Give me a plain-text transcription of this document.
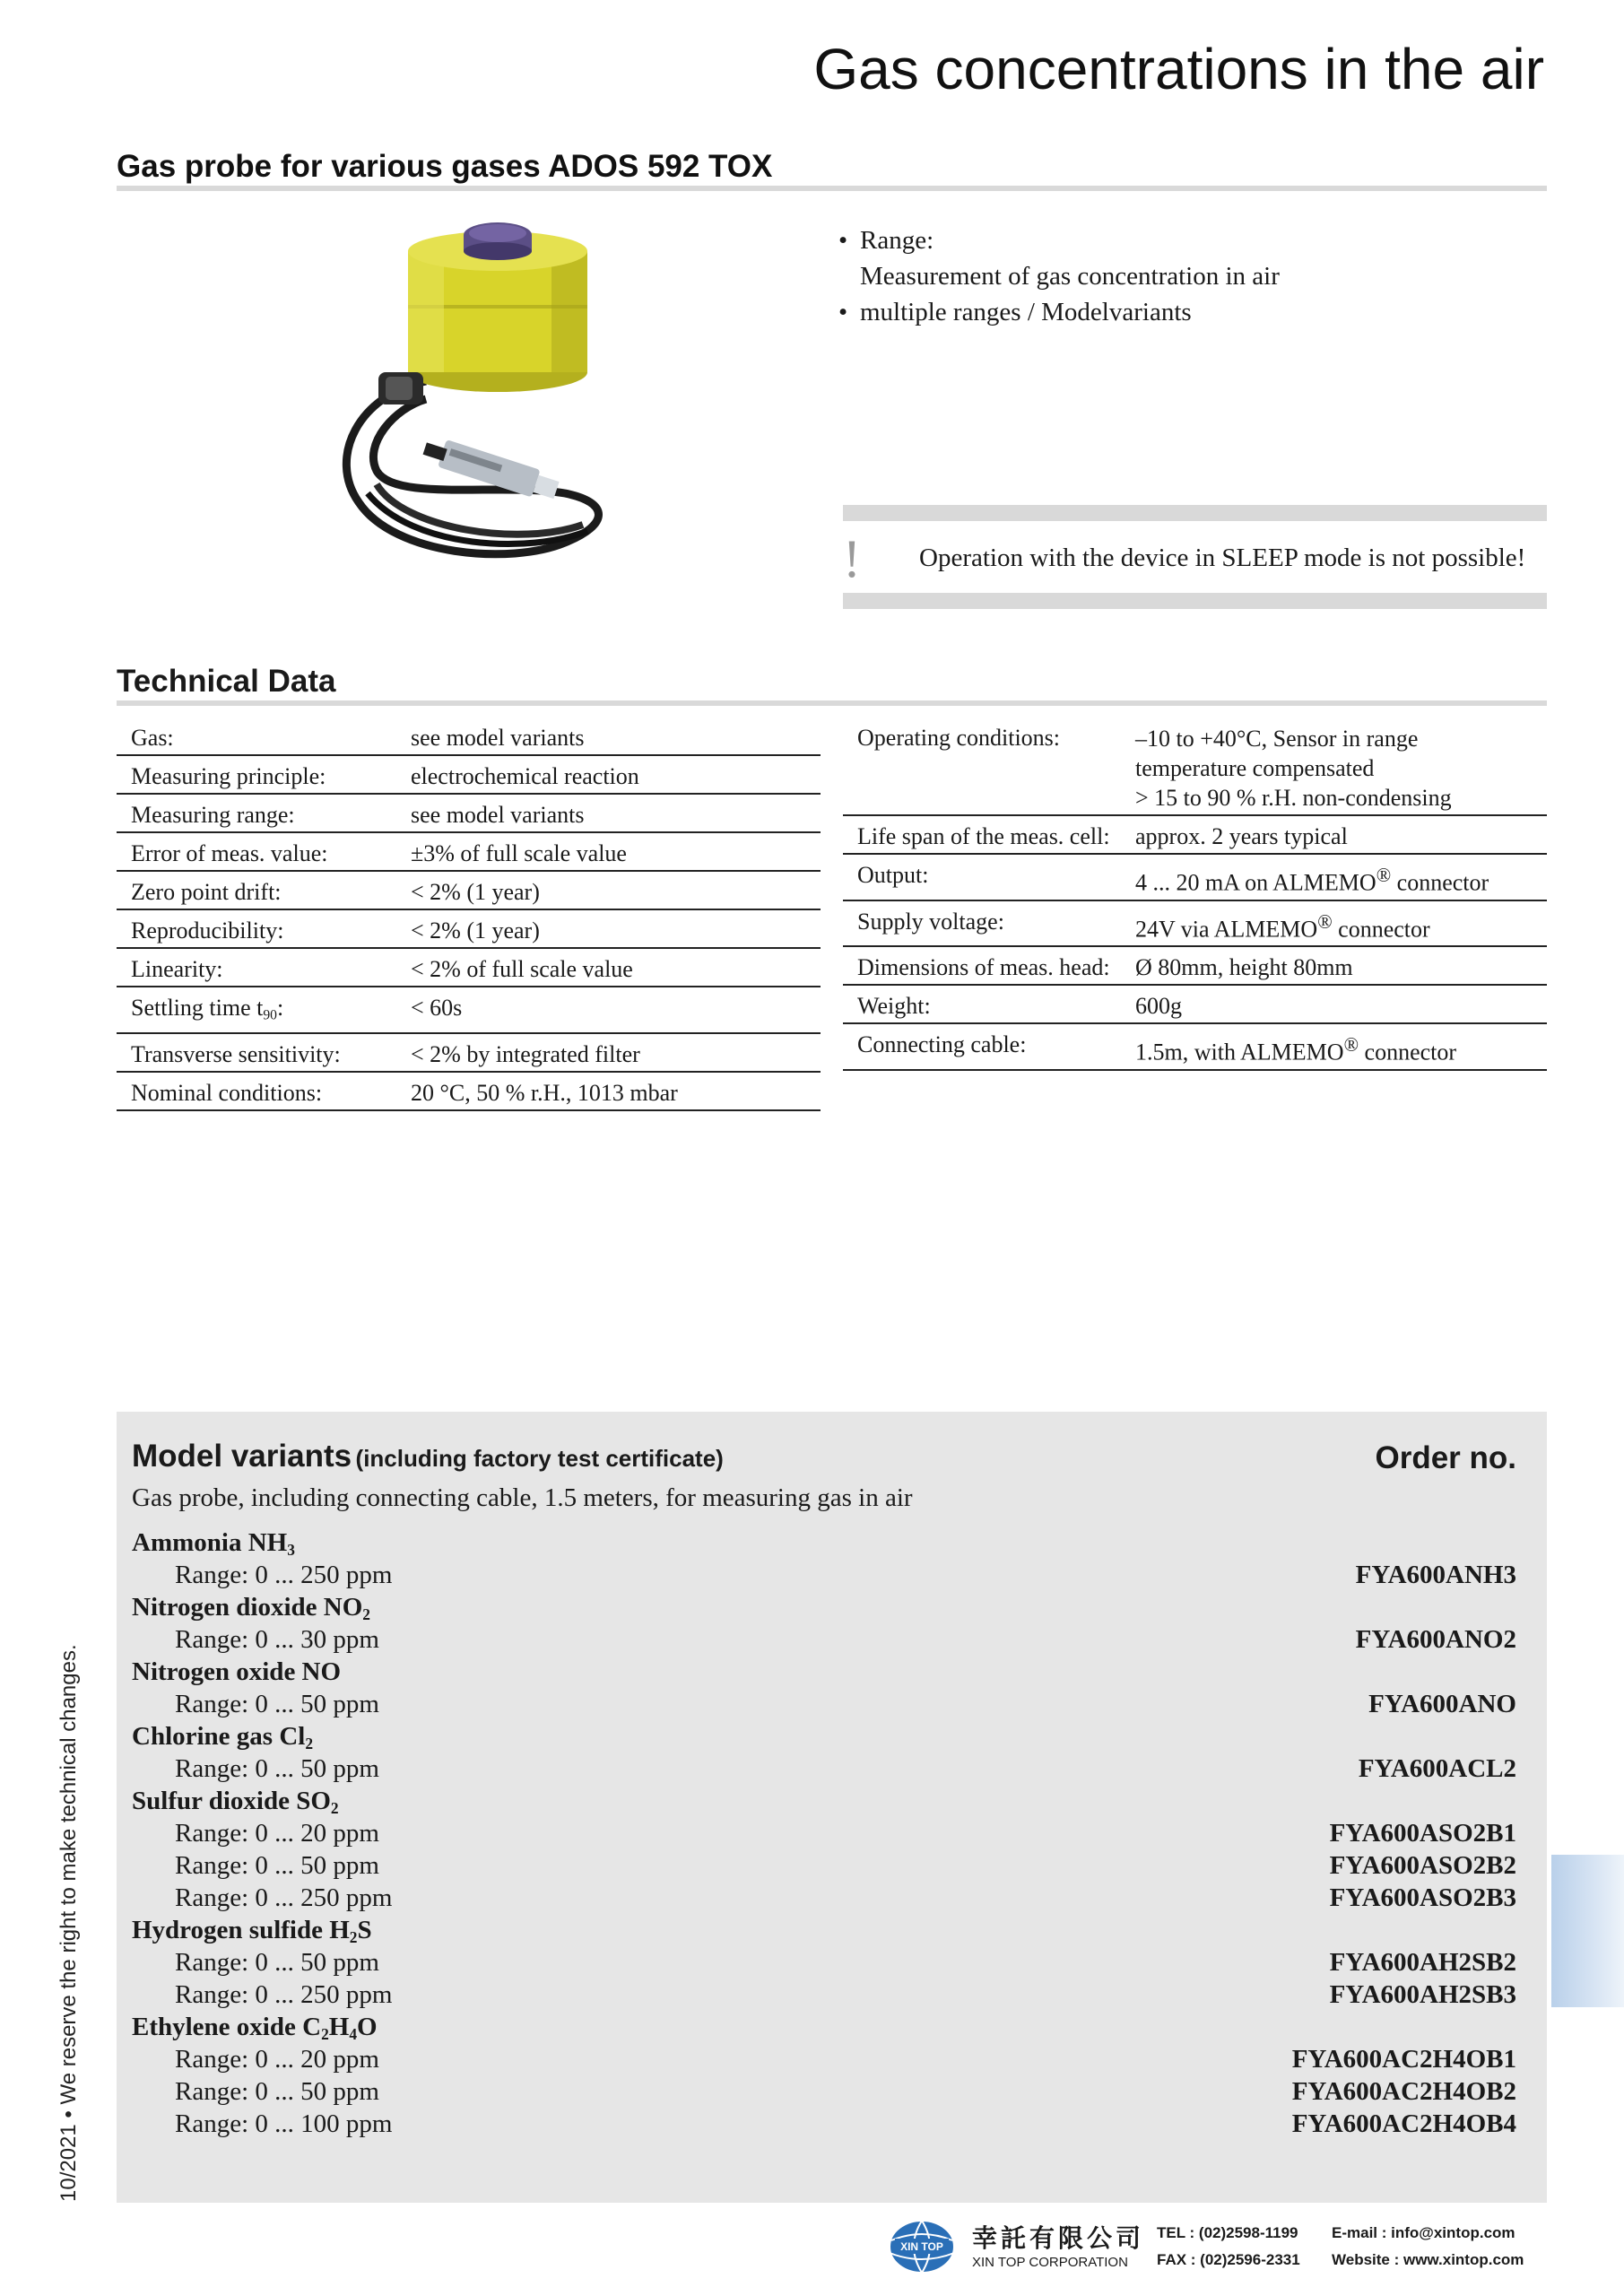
Gas concentrations in the air
Gas probe for various gases ADOS 592 TOX
• Range:
Measurement of gas concentration in air
• multiple ranges / Modelvariants
! Operation with the device in SLEEP mode is not possible!
Technical Data
Gas:	see model variants
Measuring principle:	electrochemical reaction
Measuring range:	see model variants
Error of meas. value:	±3% of full scale value
Zero point drift:	< 2% (1 year)
Reproducibility:	< 2% (1 year)
Linearity:	< 2% of full scale value
Settling time $t_{90}$:	< 60s
Transverse sensitivity:	< 2% by integrated filter
Nominal conditions:	20 °C, 50 % r.H., 1013 mbar
Operating conditions:	–10 to +40°C, Sensor in range
temperature compensated
> 15 to 90 % r.H. non-condensing

Life span of the meas. cell:	approx. 2 years typical
Output:	4 ... 20 mA on ALMEMO® connector
Supply voltage:	24V via ALMEMO® connector
Dimensions of meas. head:	Ø 80mm, height 80mm
Weight:	600g
Connecting cable:	1.5m, with ALMEMO® connector
Model variants (including factory test certificate)	Order no.
Gas probe, including connecting cable, 1.5 meters, for measuring gas in air
Ammonia $NH_3$
Range: 0 ... 250 ppm	FYA600ANH3
Nitrogen dioxide $NO_2$
Range: 0 ... 30 ppm	FYA600ANO2
Nitrogen oxide NO
Range: 0 ... 50 ppm	FYA600ANO
Chlorine gas $Cl_2$
Range: 0 ... 50 ppm	FYA600ACL2
Sulfur dioxide $SO_2$
Range: 0 ... 20 ppm	FYA600ASO2B1
Range: 0 ... 50 ppm	FYA600ASO2B2
Range: 0 ... 250 ppm	FYA600ASO2B3
Hydrogen sulfide $H_2S$
Range: 0 ... 50 ppm	FYA600AH2SB2
Range: 0 ... 250 ppm	FYA600AH2SB3
Ethylene oxide $C_2H_4O$
Range: 0 ... 20 ppm	FYA600AC2H4OB1
Range: 0 ... 50 ppm	FYA600AC2H4OB2
Range: 0 ... 100 ppm	FYA600AC2H4OB4
10/2021 • We reserve the right to make technical changes.
XIN TOP 幸託有限公司
XIN TOP CORPORATION
TEL : (02)2598-1199
FAX : (02)2596-2331
E-mail : info@xintop.com
Website : www.xintop.com
